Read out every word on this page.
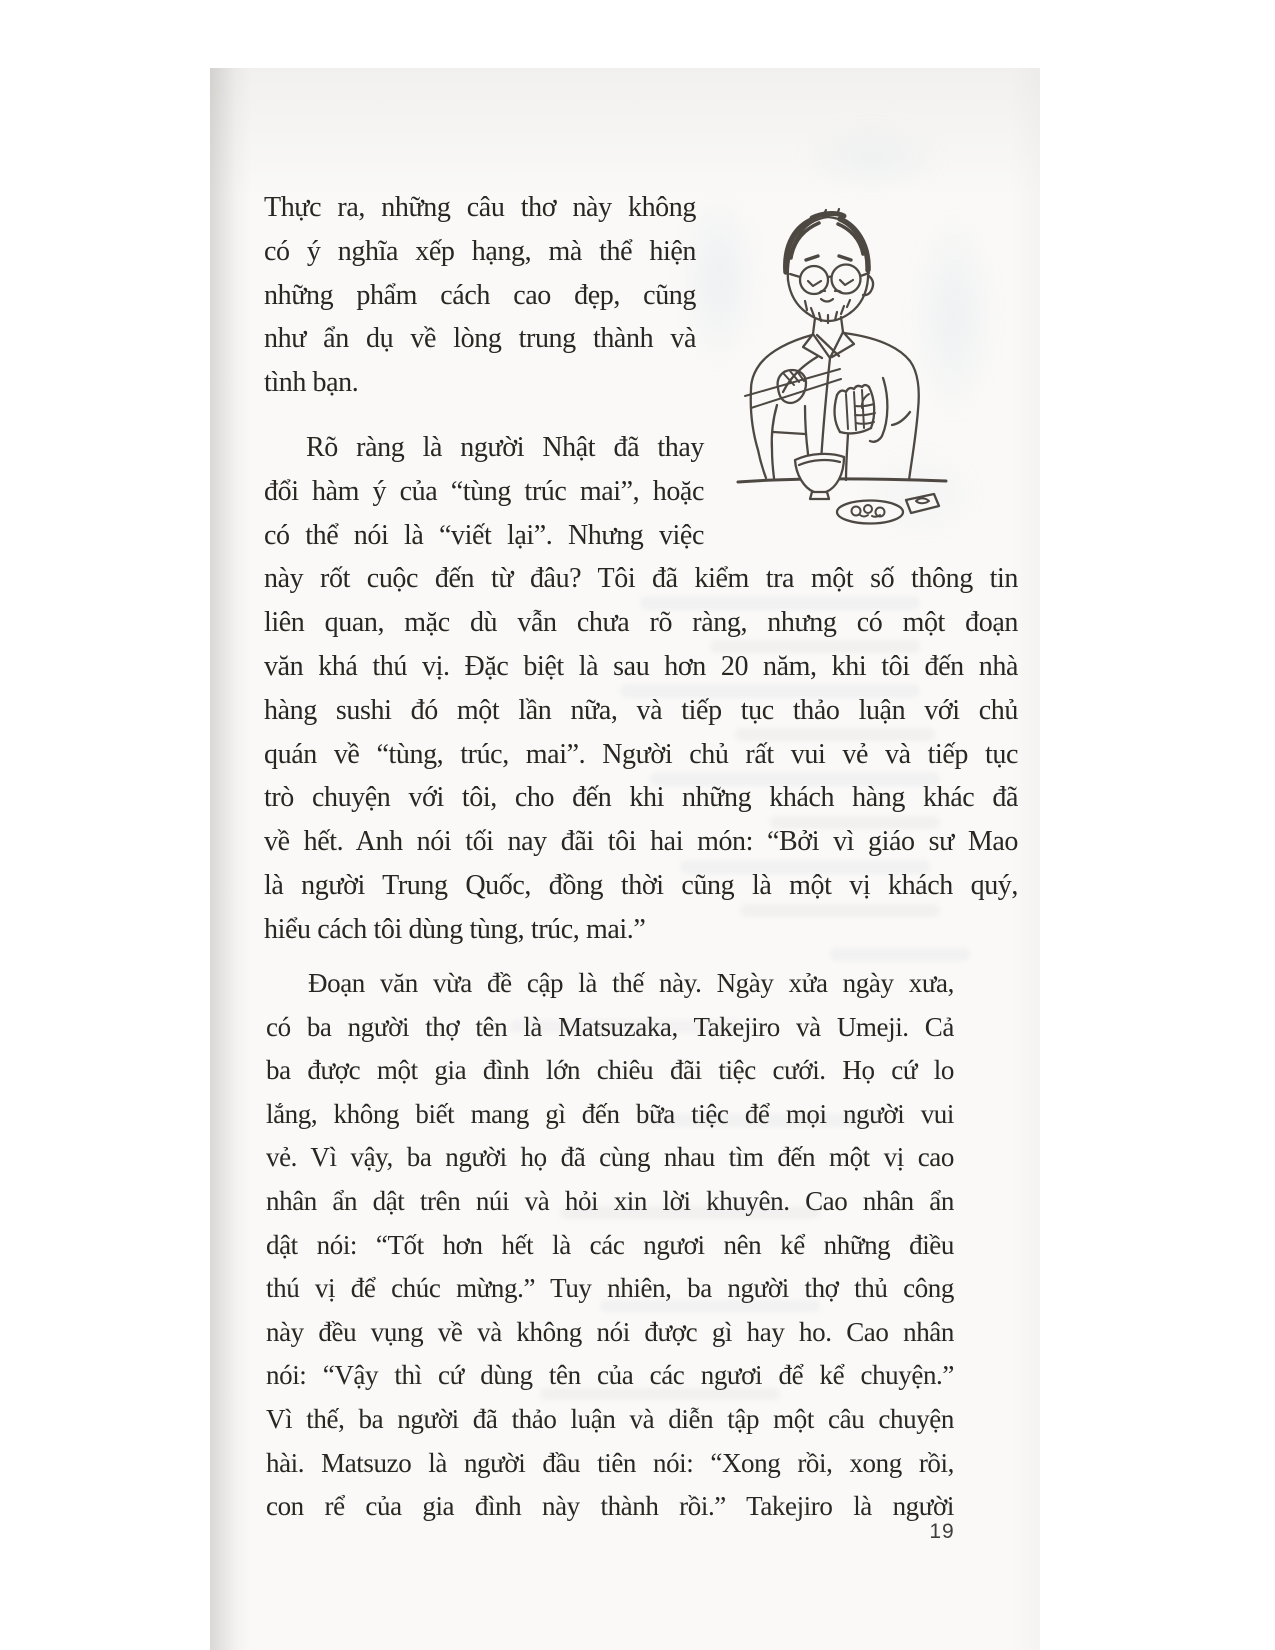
Thực ra, những câu thơ này không
có ý nghĩa xếp hạng, mà thể hiện
những phẩm cách cao đẹp, cũng
như ẩn dụ về lòng trung thành và
tình bạn.
Rõ ràng là người Nhật đã thay
đổi hàm ý của “tùng trúc mai”, hoặc
có thể nói là “viết lại”. Nhưng việc
này rốt cuộc đến từ đâu? Tôi đã kiểm tra một số thông tin
liên quan, mặc dù vẫn chưa rõ ràng, nhưng có một đoạn
văn khá thú vị. Đặc biệt là sau hơn 20 năm, khi tôi đến nhà
hàng sushi đó một lần nữa, và tiếp tục thảo luận với chủ
quán về “tùng, trúc, mai”. Người chủ rất vui vẻ và tiếp tục
trò chuyện với tôi, cho đến khi những khách hàng khác đã
về hết. Anh nói tối nay đãi tôi hai món: “Bởi vì giáo sư Mao
là người Trung Quốc, đồng thời cũng là một vị khách quý,
hiểu cách tôi dùng tùng, trúc, mai.”
Đoạn văn vừa đề cập là thế này. Ngày xửa ngày xưa,
có ba người thợ tên là Matsuzaka, Takejiro và Umeji. Cả
ba được một gia đình lớn chiêu đãi tiệc cưới. Họ cứ lo
lắng, không biết mang gì đến bữa tiệc để mọi người vui
vẻ. Vì vậy, ba người họ đã cùng nhau tìm đến một vị cao
nhân ẩn dật trên núi và hỏi xin lời khuyên. Cao nhân ẩn
dật nói: “Tốt hơn hết là các ngươi nên kể những điều
thú vị để chúc mừng.” Tuy nhiên, ba người thợ thủ công
này đều vụng về và không nói được gì hay ho. Cao nhân
nói: “Vậy thì cứ dùng tên của các ngươi để kể chuyện.”
Vì thế, ba người đã thảo luận và diễn tập một câu chuyện
hài. Matsuzo là người đầu tiên nói: “Xong rồi, xong rồi,
con rể của gia đình này thành rồi.” Takejiro là người
19
